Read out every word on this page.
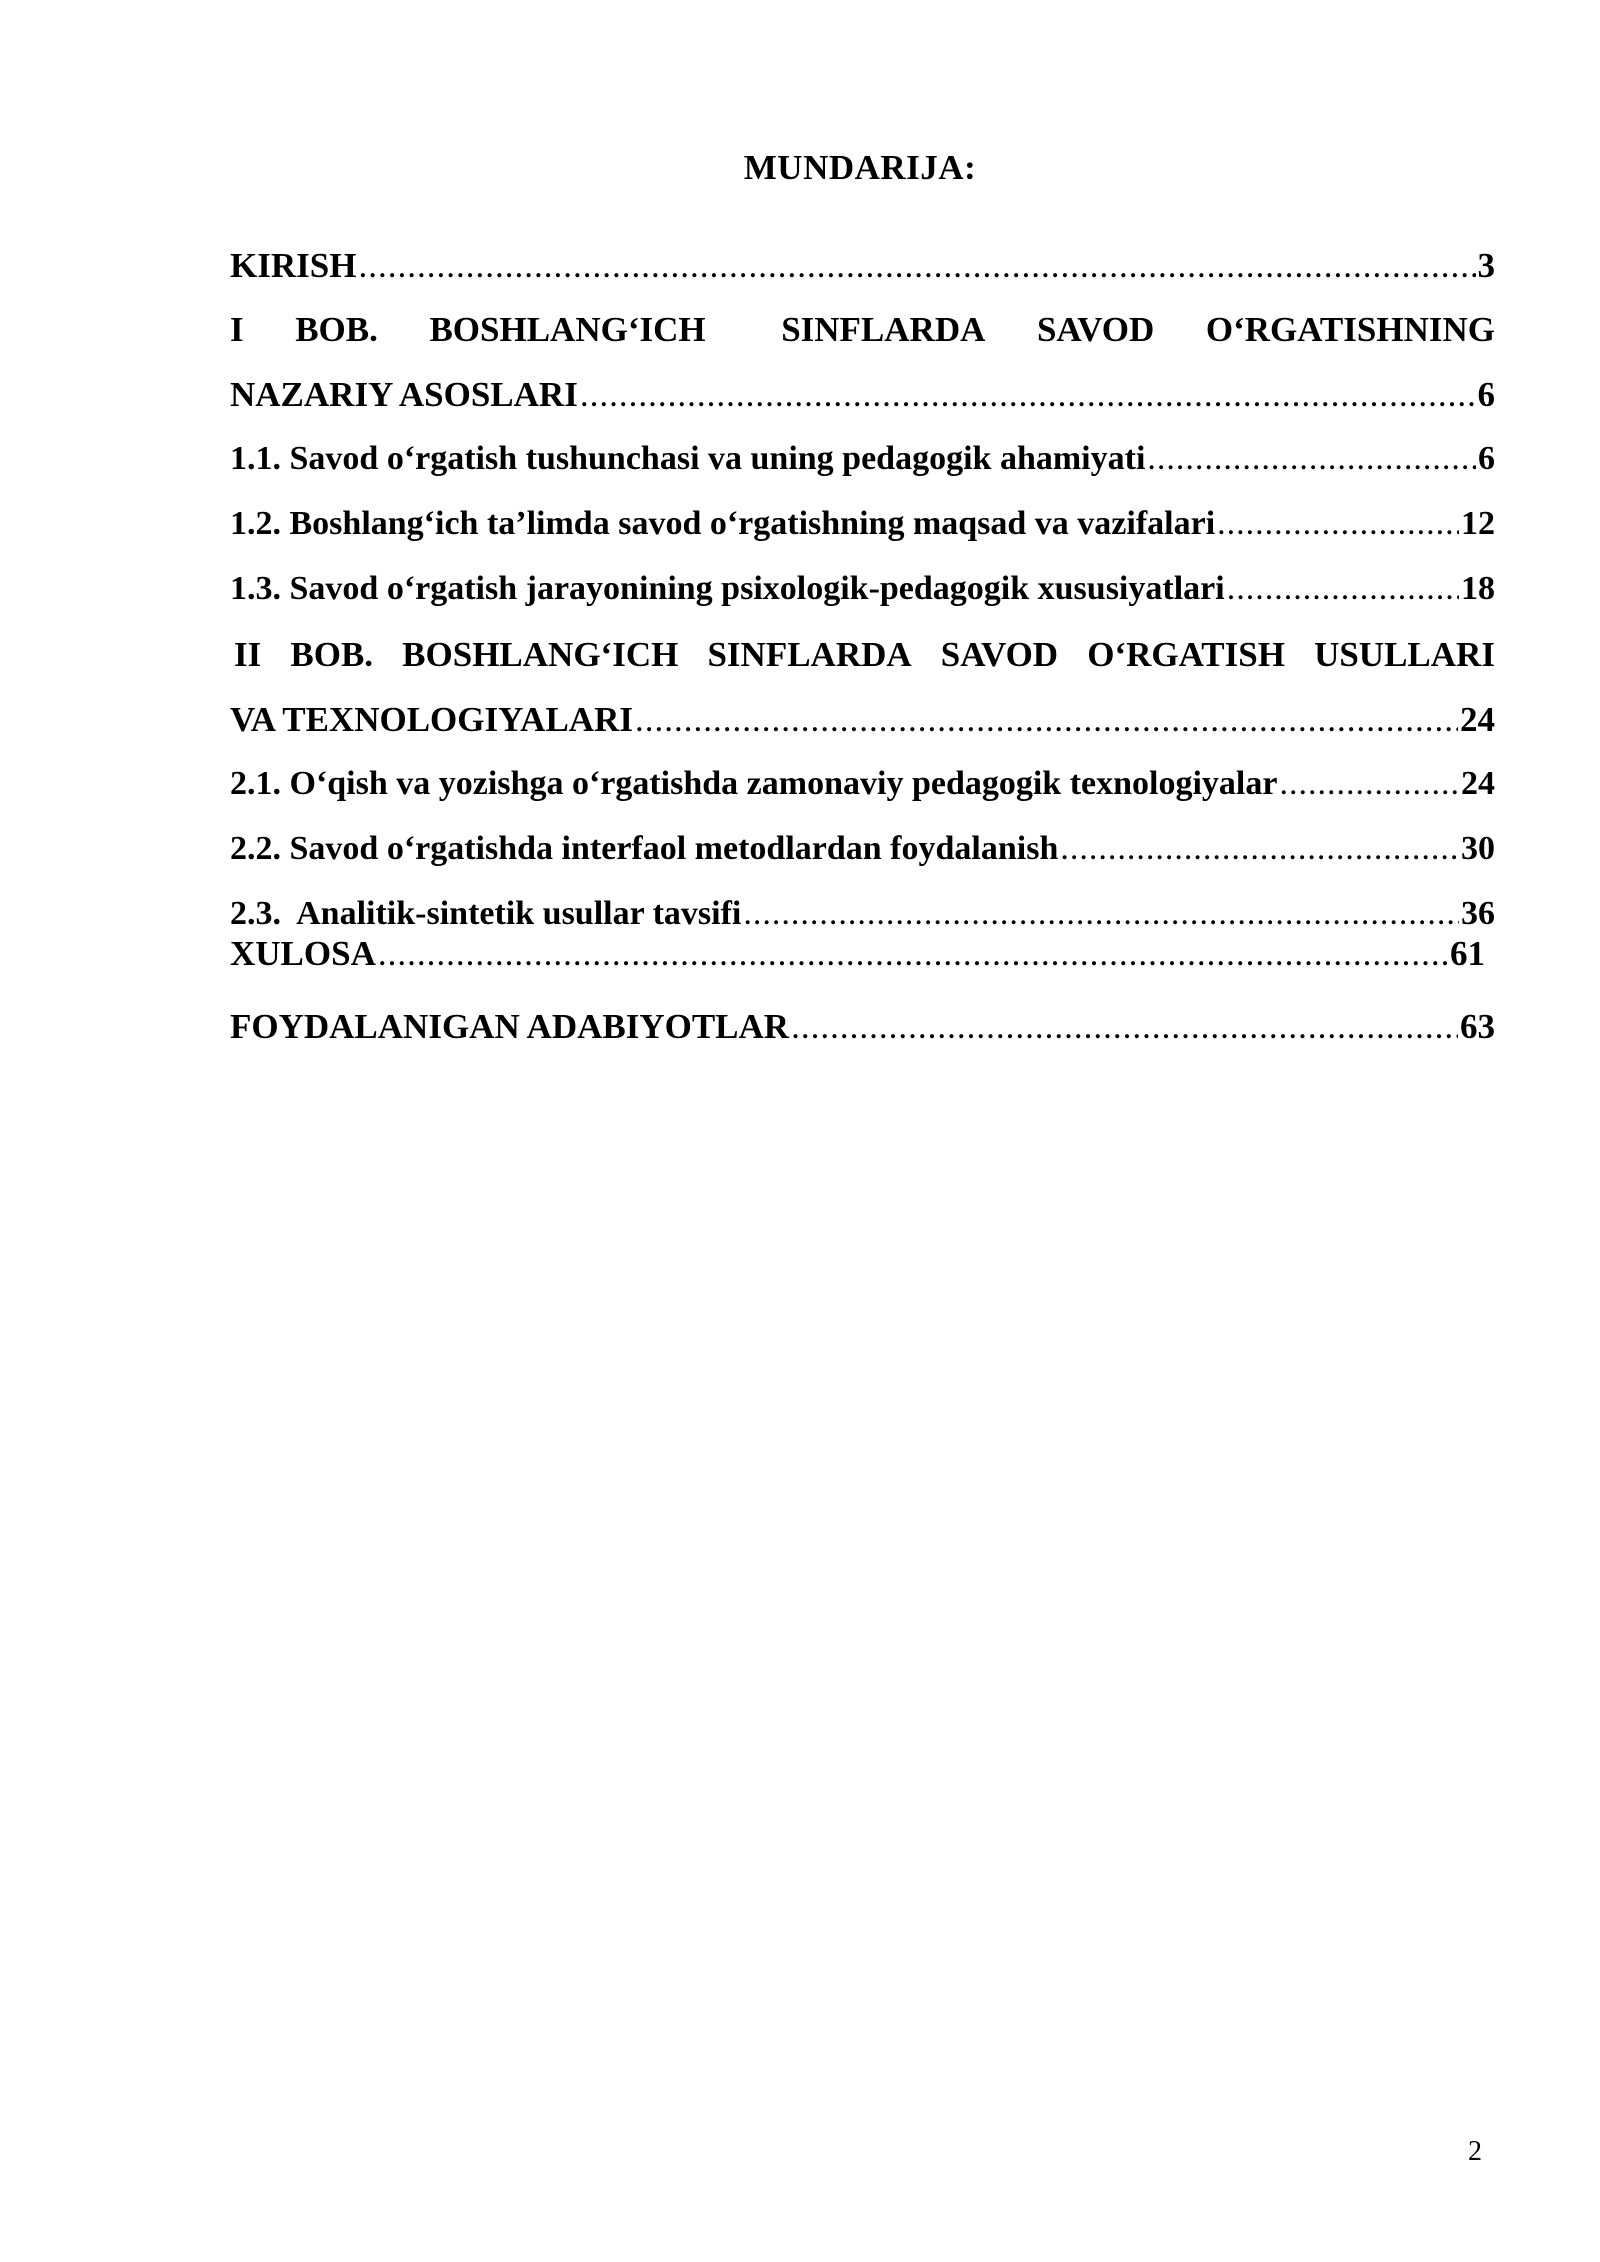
MUNDARIJA:
KIRISH .....	3
I BOB. BOSHLANG‘ICH SINFLARDA SAVOD O‘RGATISHNING
NAZARIY ASOSLARI .....	6
1.1. Savod o‘rgatish tushunchasi va uning pedagogik ahamiyati .....	6
1.2. Boshlang‘ich ta’limda savod o‘rgatishning maqsad va vazifalari .....	12
1.3. Savod o‘rgatish jarayonining psixologik-pedagogik xususiyatlari .....	18
II BOB. BOSHLANG‘ICH SINFLARDA SAVOD O‘RGATISH USULLARI
VA TEXNOLOGIYALARI .....	24
2.1. O‘qish va yozishga o‘rgatishda zamonaviy pedagogik texnologiyalar .....	24
2.2. Savod o‘rgatishda interfaol metodlardan foydalanish .....	30
2.3.  Analitik-sintetik usullar tavsifi .....	36
XULOSA .....	61
FOYDALANIGAN ADABIYOTLAR .....	63
2
